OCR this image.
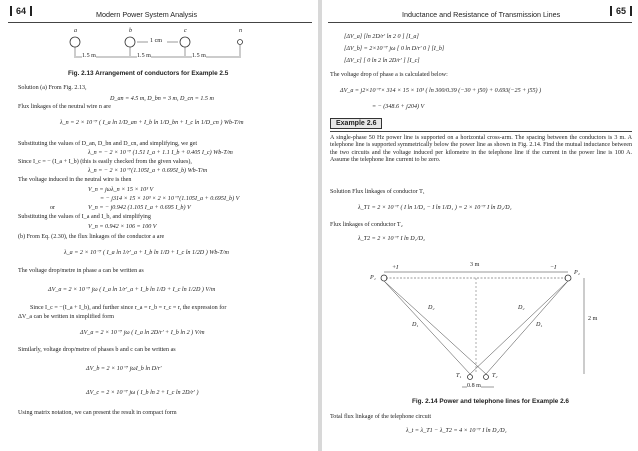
64	Modern Power System Analysis
a	b	c	n
1 cm
1.5 m	1.5 m	1.5 m
Fig. 2.13 Arrangement of conductors for Example 2.5
Solution (a) From Fig. 2.13,
D_an = 4.5 m, D_bn = 3 m, D_cn = 1.5 m
Flux linkages of the neutral wire n are
λ_n = 2 × 10⁻⁷ ( I_a ln 1/D_an + I_b ln 1/D_bn + I_c ln 1/D_cn ) Wb-T/m
Substituting the values of D_an, D_bn and D_cn, and simplifying, we get
λ_n = − 2 × 10⁻⁷ (1.51 I_a + 1.1 I_b + 0.405 I_c) Wb-T/m
Since I_c = − (I_a + I_b) (this is easily checked from the given values),
λ_n = − 2 × 10⁻⁷(1.105I_a + 0.695I_b) Wb-T/m
The voltage induced in the neutral wire is then
V_n = jωλ_n × 15 × 10³ V
= − j314 × 15 × 10³ × 2 × 10⁻⁷(1.105I_a + 0.695I_b) V
or	V_n = − j0.942 (1.105 I_a + 0.695 I_b) V
Substituting the values of I_a and I_b, and simplifying
V_n = 0.942 × 106 = 100 V
(b) From Eq. (2.30), the flux linkages of the conductor a are
λ_a = 2 × 10⁻⁷ ( I_a ln 1/r′_a + I_b ln 1/D + I_c ln 1/2D ) Wb-T/m
The voltage drop/metre in phase a can be written as
ΔV_a = 2 × 10⁻⁷ jω ( I_a ln 1/r′_a + I_b ln 1/D + I_c ln 1/2D ) V/m
Since I_c = −(I_a + I_b), and further since r_a = r_b = r_c = r, the expression for
ΔV_a can be written in simplified form
ΔV_a = 2 × 10⁻⁷ jω ( I_a ln 2D/r′ + I_b ln 2 ) V/m
Similarly, voltage drop/metre of phases b and c can be written as
ΔV_b = 2 × 10⁻⁷ jωI_b ln D/r′
ΔV_c = 2 × 10⁻⁷ jω ( I_b ln 2 + I_c ln 2D/r′ )
Using matrix notation, we can present the result in compact form
Inductance and Resistance of Transmission Lines	65
[ΔV_a] [ln 2D/r′ ln 2 0 ] [I_a]
[ΔV_b] = 2×10⁻⁷ jω [ 0 ln D/r′ 0 ] [I_b]
[ΔV_c] [ 0 ln 2 ln 2D/r′ ] [I_c]
The voltage drop of phase a is calculated below:
ΔV_a = j2×10⁻⁷× 314 × 15 × 10³ ( ln 300/0.39 (−30 + j50) + 0.693(−25 + j55) )
= − (348.6 + j204) V
Example 2.6
A single-phase 50 Hz power line is supported on a horizontal cross-arm. The spacing between the conductors is 3 m. A telephone line is supported symmetrically below the power line as shown in Fig. 2.14. Find the mutual inductance between the two circuits and the voltage induced per kilometre in the telephone line if the current in the power line is 100 A. Assume the telephone line current to be zero.
Solution Flux linkages of conductor T₁
λ_T1 = 2 × 10⁻⁷ ( I ln 1/D₂ − I ln 1/D₁ ) = 2 × 10⁻⁷ I ln D₂/D₁
Flux linkages of conductor T₂
λ_T2 = 2 × 10⁻⁷ I ln D₁/D₂
3 m
P₁
P₂
+I	−I
D₂	D₂
D₁	D₁
2 m
T₁	T₂
0.8 m
Fig. 2.14 Power and telephone lines for Example 2.6
Total flux linkage of the telephone circuit
λ_t = λ_T1 − λ_T2 = 4 × 10⁻⁷ I ln D₂/D₁
